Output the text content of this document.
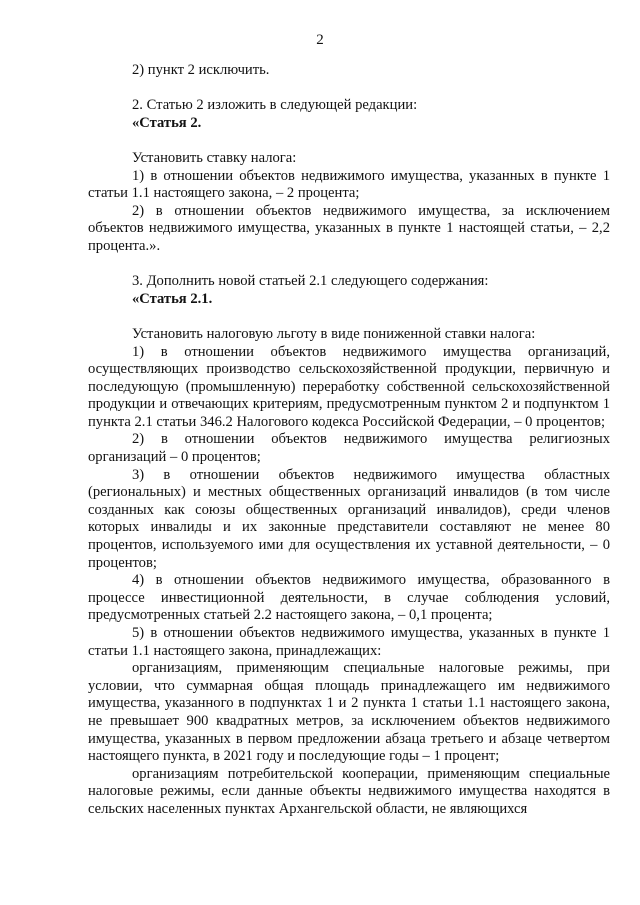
2

2) пункт 2 исключить.

2. Статью 2 изложить в следующей редакции:

«Статья 2.

Установить ставку налога:

1) в отношении объектов недвижимого имущества, указанных в пункте 1 статьи 1.1 настоящего закона, – 2 процента;

2) в отношении объектов недвижимого имущества, за исключением объектов недвижимого имущества, указанных в пункте 1 настоящей статьи, – 2,2 процента.».

3. Дополнить новой статьей 2.1 следующего содержания:

«Статья 2.1.

Установить налоговую льготу в виде пониженной ставки налога:

1) в отношении объектов недвижимого имущества организаций, осуществляющих производство сельскохозяйственной продукции, первичную и последующую (промышленную) переработку собственной сельскохозяйственной продукции и отвечающих критериям, предусмотренным пунктом 2 и подпунктом 1 пункта 2.1 статьи 346.2 Налогового кодекса Российской Федерации, – 0 процентов;

2) в отношении объектов недвижимого имущества религиозных организаций – 0 процентов;

3) в отношении объектов недвижимого имущества областных (региональных) и местных общественных организаций инвалидов (в том числе созданных как союзы общественных организаций инвалидов), среди членов которых инвалиды и их законные представители составляют не менее 80 процентов, используемого ими для осуществления их уставной деятельности, – 0 процентов;

4) в отношении объектов недвижимого имущества, образованного в процессе инвестиционной деятельности, в случае соблюдения условий, предусмотренных статьей 2.2 настоящего закона, – 0,1 процента;

5) в отношении объектов недвижимого имущества, указанных в пункте 1 статьи 1.1 настоящего закона, принадлежащих:

организациям, применяющим специальные налоговые режимы, при условии, что суммарная общая площадь принадлежащего им недвижимого имущества, указанного в подпунктах 1 и 2 пункта 1 статьи 1.1 настоящего закона, не превышает 900 квадратных метров, за исключением объектов недвижимого имущества, указанных в первом предложении абзаца третьего и абзаце четвертом настоящего пункта, в 2021 году и последующие годы – 1 процент;

организациям потребительской кооперации, применяющим специальные налоговые режимы, если данные объекты недвижимого имущества находятся в сельских населенных пунктах Архангельской области, не являющихся
